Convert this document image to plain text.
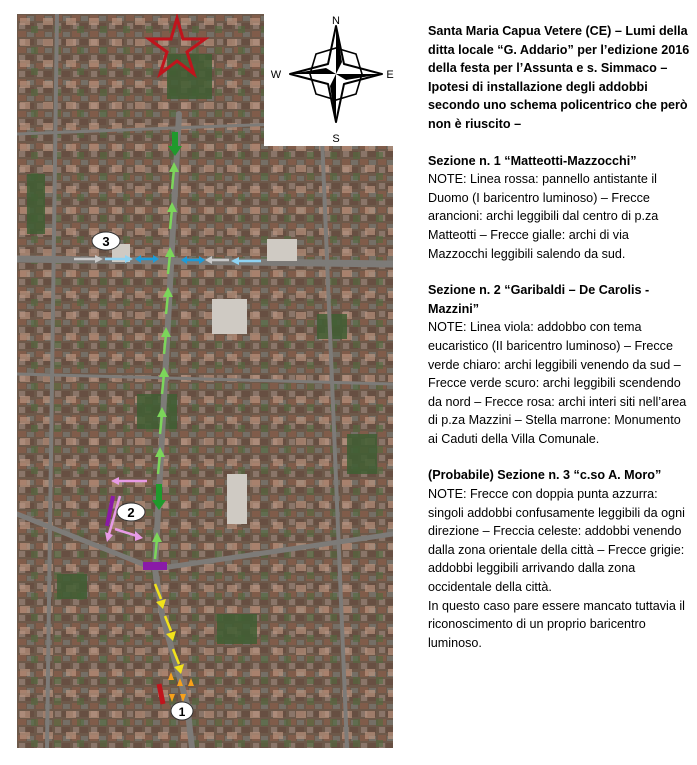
3
2
1
N
S
E
W

Santa Maria Capua Vetere (CE) – Lumi della ditta locale “G. Addario” per l’edizione 2016 della festa per l’Assunta e s. Simmaco – Ipotesi di installazione degli addobbi secondo uno schema policentrico che però non è riuscito –

Sezione n. 1 “Matteotti-Mazzocchi”

NOTE: Linea rossa: pannello antistante il Duomo (I baricentro luminoso) – Frecce arancioni: archi leggibili dal centro di p.za Matteotti – Frecce gialle: archi di via Mazzocchi leggibili salendo da sud.

Sezione n. 2 “Garibaldi – De Carolis - Mazzini”

NOTE: Linea viola: addobbo con tema eucaristico (II baricentro luminoso) – Frecce verde chiaro: archi leggibili venendo da sud – Frecce verde scuro: archi leggibili scendendo da nord – Frecce rosa: archi interi siti nell’area di p.za Mazzini – Stella marrone: Monumento ai Caduti della Villa Comunale.

(Probabile) Sezione n. 3 “c.so A. Moro”

NOTE: Frecce con doppia punta azzurra: singoli addobbi confusamente leggibili da ogni direzione – Freccia celeste: addobbi venendo dalla zona orientale della città – Frecce grigie: addobbi leggibili arrivando dalla zona occidentale della città.

In questo caso pare essere mancato tuttavia il riconoscimento di un proprio baricentro luminoso.
